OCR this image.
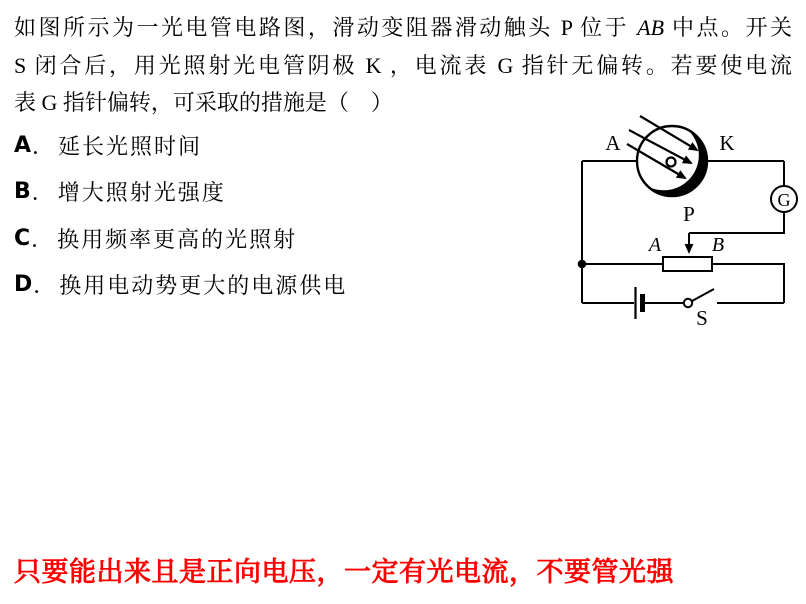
如图所示为一光电管电路图，滑动变阻器滑动触头 P 位于 AB 中点。开关
S 闭合后，用光照射光电管阴极 K ，电流表 G 指针无偏转。若要使电流
表 G 指针偏转，可采取的措施是（　）
A ． 延长光照时间
B ． 增大照射光强度
C ． 换用频率更高的光照射
D ． 换用电动势更大的电源供电
G
A	K
P
A	B
S
只要能出来且是正向电压，一定有光电流，不要管光强
